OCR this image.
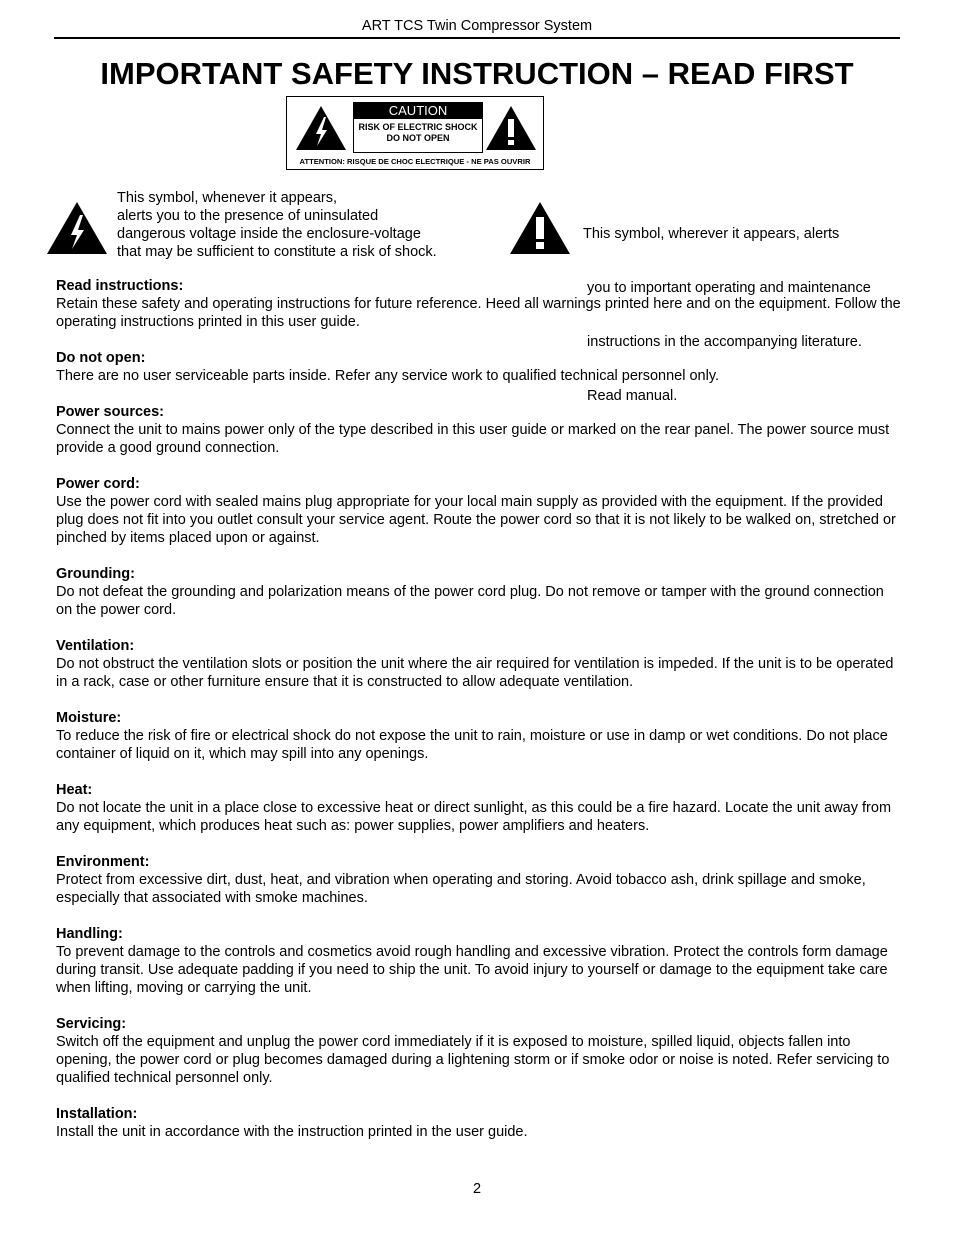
ART TCS Twin Compressor System
IMPORTANT SAFETY INSTRUCTION – READ FIRST
CAUTION
RISK OF ELECTRIC SHOCK
DO NOT OPEN
ATTENTION: RISQUE DE CHOC ELECTRIQUE - NE PAS OUVRIR
This symbol, whenever it appears,
alerts you to the presence of uninsulated
dangerous voltage inside the enclosure-voltage
that may be sufficient to constitute a risk of shock.

This symbol, wherever it appears, alerts

you to important operating and maintenance

instructions in the accompanying literature.

Read manual.

Read instructions:
Retain these safety and operating instructions for future reference. Heed all warnings printed here and on the equipment. Follow the operating instructions printed in this user guide.
Do not open:
There are no user serviceable parts inside. Refer any service work to qualified technical personnel only.
Power sources:
Connect the unit to mains power only of the type described in this user guide or marked on the rear panel. The power source must provide a good ground connection.
Power cord:
Use the power cord with sealed mains plug appropriate for your local main supply as provided with the equipment. If the provided plug does not fit into you outlet consult your service agent. Route the power cord so that it is not likely to be walked on, stretched or pinched by items placed upon or against.
Grounding:
Do not defeat the grounding and polarization means of the power cord plug. Do not remove or tamper with the ground connection on the power cord.
Ventilation:
Do not obstruct the ventilation slots or position the unit where the air required for ventilation is impeded. If the unit is to be operated in a rack, case or other furniture ensure that it is constructed to allow adequate ventilation.
Moisture:
To reduce the risk of fire or electrical shock do not expose the unit to rain, moisture or use in damp or wet conditions. Do not place container of liquid on it, which may spill into any openings.
Heat:
Do not locate the unit in a place close to excessive heat or direct sunlight, as this could be a fire hazard. Locate the unit away from any equipment, which produces heat such as: power supplies, power amplifiers and heaters.
Environment:
Protect from excessive dirt, dust, heat, and vibration when operating and storing. Avoid tobacco ash, drink spillage and smoke, especially that associated with smoke machines.
Handling:
To prevent damage to the controls and cosmetics avoid rough handling and excessive vibration. Protect the controls form damage during transit. Use adequate padding if you need to ship the unit. To avoid injury to yourself or damage to the equipment take care when lifting, moving or carrying the unit.
Servicing:
Switch off the equipment and unplug the power cord immediately if it is exposed to moisture, spilled liquid, objects fallen into opening, the power cord or plug becomes damaged during a lightening storm or if smoke odor or noise is noted. Refer servicing to qualified technical personnel only.
Installation:
Install the unit in accordance with the instruction printed in the user guide.
2
